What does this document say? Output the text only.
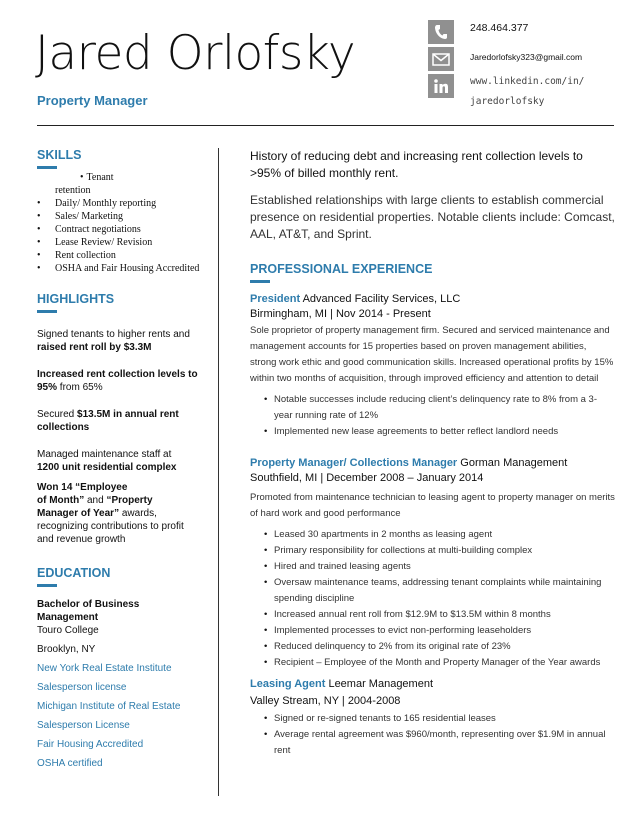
Jared Orlofsky
Property Manager
248.464.377
Jaredorlofsky323@gmail.com
www.linkedin.com/in/
jaredorlofsky
SKILLS
• Tenant
retention
•	Daily/ Monthly reporting
•	Sales/ Marketing
•	Contract negotiations
•	Lease Review/ Revision
•	Rent collection
•	OSHA and Fair Housing Accredited
HIGHLIGHTS
Signed tenants to higher rents and
raised rent roll by $3.3M
Increased rent collection levels to
95% from 65%
Secured $13.5M in annual rent
collections
Managed maintenance staff at
1200 unit residential complex
Won 14 “Employee
of Month” and “Property
Manager of Year” awards,
recognizing contributions to profit
and revenue growth
EDUCATION
Bachelor of Business
Management
Touro College
Brooklyn, NY
New York Real Estate Institute
Salesperson license
Michigan Institute of Real Estate
Salesperson License
Fair Housing Accredited
OSHA certified
History of reducing debt and increasing rent collection levels to >95% of billed monthly rent.
Established relationships with large clients to establish commercial presence on residential properties. Notable clients include: Comcast, AAL, AT&T, and Sprint.
PROFESSIONAL EXPERIENCE
President Advanced Facility Services, LLC
Birmingham, MI | Nov 2014 - Present
Sole proprietor of property management firm. Secured and serviced maintenance and management accounts for 15 properties based on proven management abilities, strong work ethic and good communication skills. Increased operational profits by 15% within two months of acquisition, through improved efficiency and attention to detail
• Notable successes include reducing client’s delinquency rate to 8% from a 3-year running rate of 12%
• Implemented new lease agreements to better reflect landlord needs
Property Manager/ Collections Manager Gorman Management
Southfield, MI | December 2008 – January 2014
Promoted from maintenance technician to leasing agent to property manager on merits of hard work and good performance
• Leased 30 apartments in 2 months as leasing agent
• Primary responsibility for collections at multi-building complex
• Hired and trained leasing agents
• Oversaw maintenance teams, addressing tenant complaints while maintaining spending discipline
• Increased annual rent roll from $12.9M to $13.5M within 8 months
• Implemented processes to evict non-performing leaseholders
• Reduced delinquency to 2% from its original rate of 23%
• Recipient – Employee of the Month and Property Manager of the Year awards
Leasing Agent Leemar Management
Valley Stream, NY | 2004-2008
• Signed or re-signed tenants to 165 residential leases
• Average rental agreement was $960/month, representing over $1.9M in annual rent
